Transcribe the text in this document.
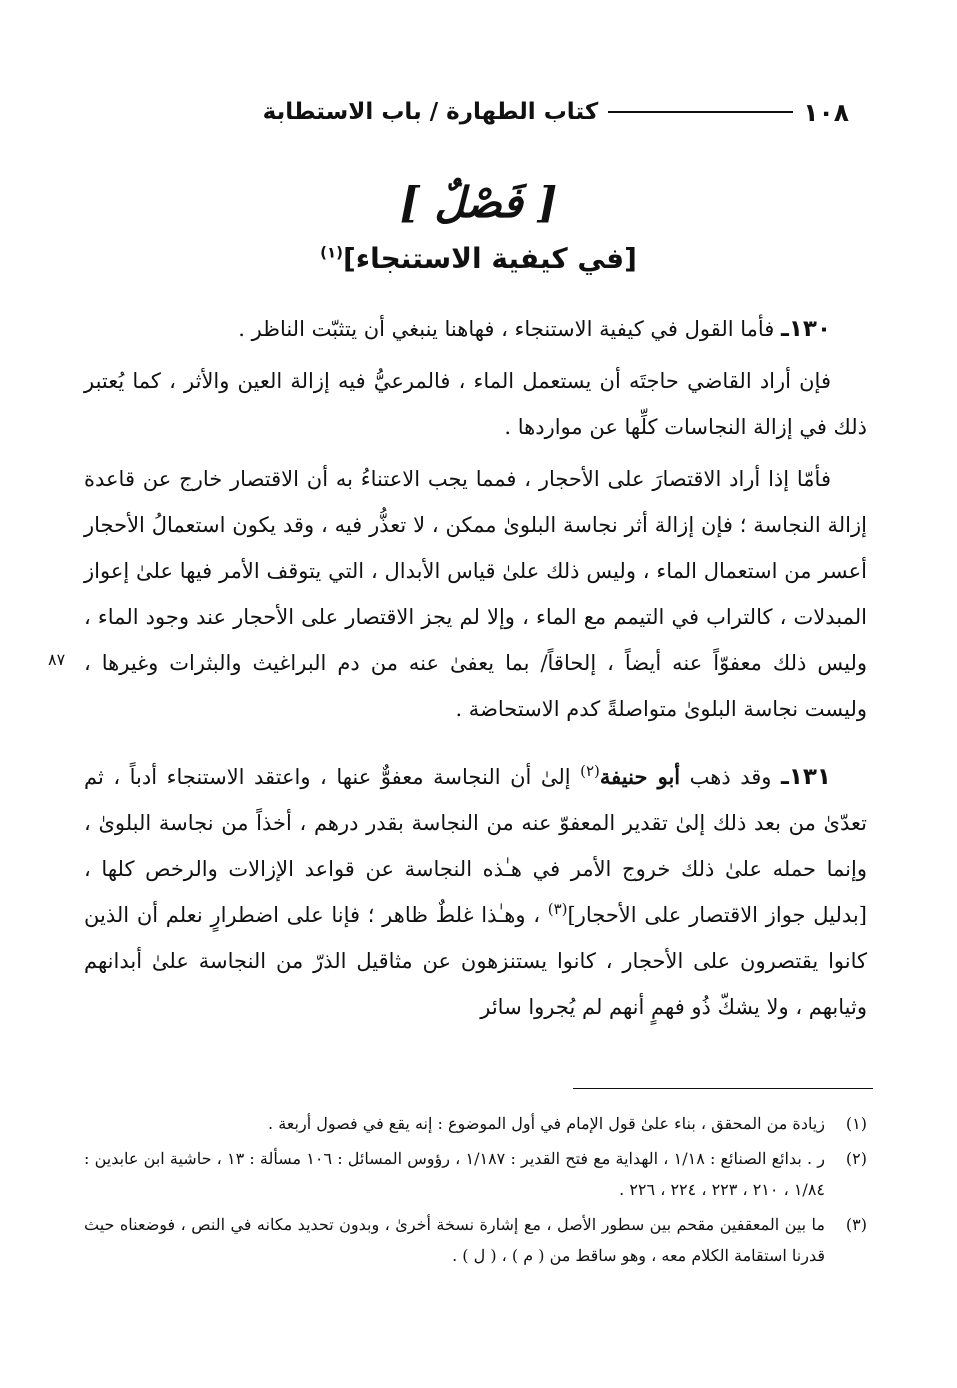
١٠٨
كتاب الطهارة / باب الاستطابة
[ فَصْلٌ ]
[في كيفية الاستنجاء]$^{(١)}$
٨٧

١٣٠ـ فأما القول في كيفية الاستنجاء ، فهاهنا ينبغي أن يتثبّت الناظر .

فإن أراد القاضي حاجتَه أن يستعمل الماء ، فالمرعيُّ فيه إزالة العين والأثر ، كما يُعتبر ذلك في إزالة النجاسات كلِّها عن مواردها .

فأمّا إذا أراد الاقتصارَ على الأحجار ، فمما يجب الاعتناءُ به أن الاقتصار خارج عن قاعدة إزالة النجاسة ؛ فإن إزالة أثر نجاسة البلوىٰ ممكن ، لا تعذُّر فيه ، وقد يكون استعمالُ الأحجار أعسر من استعمال الماء ، وليس ذلك علىٰ قياس الأبدال ، التي يتوقف الأمر فيها علىٰ إعواز المبدلات ، كالتراب في التيمم مع الماء ، وإلا لم يجز الاقتصار على الأحجار عند وجود الماء ، وليس ذلك معفوّاً عنه أيضاً ، إلحاقاً/ بما يعفىٰ عنه من دم البراغيث والبثرات وغيرها ، وليست نجاسة البلوىٰ متواصلةً كدم الاستحاضة .

١٣١ـ وقد ذهب أبو حنيفة$^{(٢)}$ إلىٰ أن النجاسة معفوٌّ عنها ، واعتقد الاستنجاء أدباً ، ثم تعدّىٰ من بعد ذلك إلىٰ تقدير المعفوّ عنه من النجاسة بقدر درهم ، أخذاً من نجاسة البلوىٰ ، وإنما حمله علىٰ ذلك خروج الأمر في هـٰذه النجاسة عن قواعد الإزالات والرخص كلها ، [بدليل جواز الاقتصار على الأحجار]$^{(٣)}$ ، وهـٰذا غلطٌ ظاهر ؛ فإنا على اضطرارٍ نعلم أن الذين كانوا يقتصرون على الأحجار ، كانوا يستنزهون عن مثاقيل الذرّ من النجاسة علىٰ أبدانهم وثيابهم ، ولا يشكّ ذُو فهمٍ أنهم لم يُجروا سائر

(١)
زيادة من المحقق ، بناء علىٰ قول الإمام في أول الموضوع : إنه يقع في فصول أربعة .
(٢)
ر . بدائع الصنائع : ١/١٨ ، الهداية مع فتح القدير : ١/١٨٧ ، رؤوس المسائل : ١٠٦ مسألة : ١٣ ، حاشية ابن عابدين : ١/٨٤ ، ٢١٠ ، ٢٢٣ ، ٢٢٤ ، ٢٢٦ .
(٣)
ما بين المعقفين مقحم بين سطور الأصل ، مع إشارة نسخة أخرىٰ ، وبدون تحديد مكانه في النص ، فوضعناه حيث قدرنا استقامة الكلام معه ، وهو ساقط من ( م ) ، ( ل ) .
